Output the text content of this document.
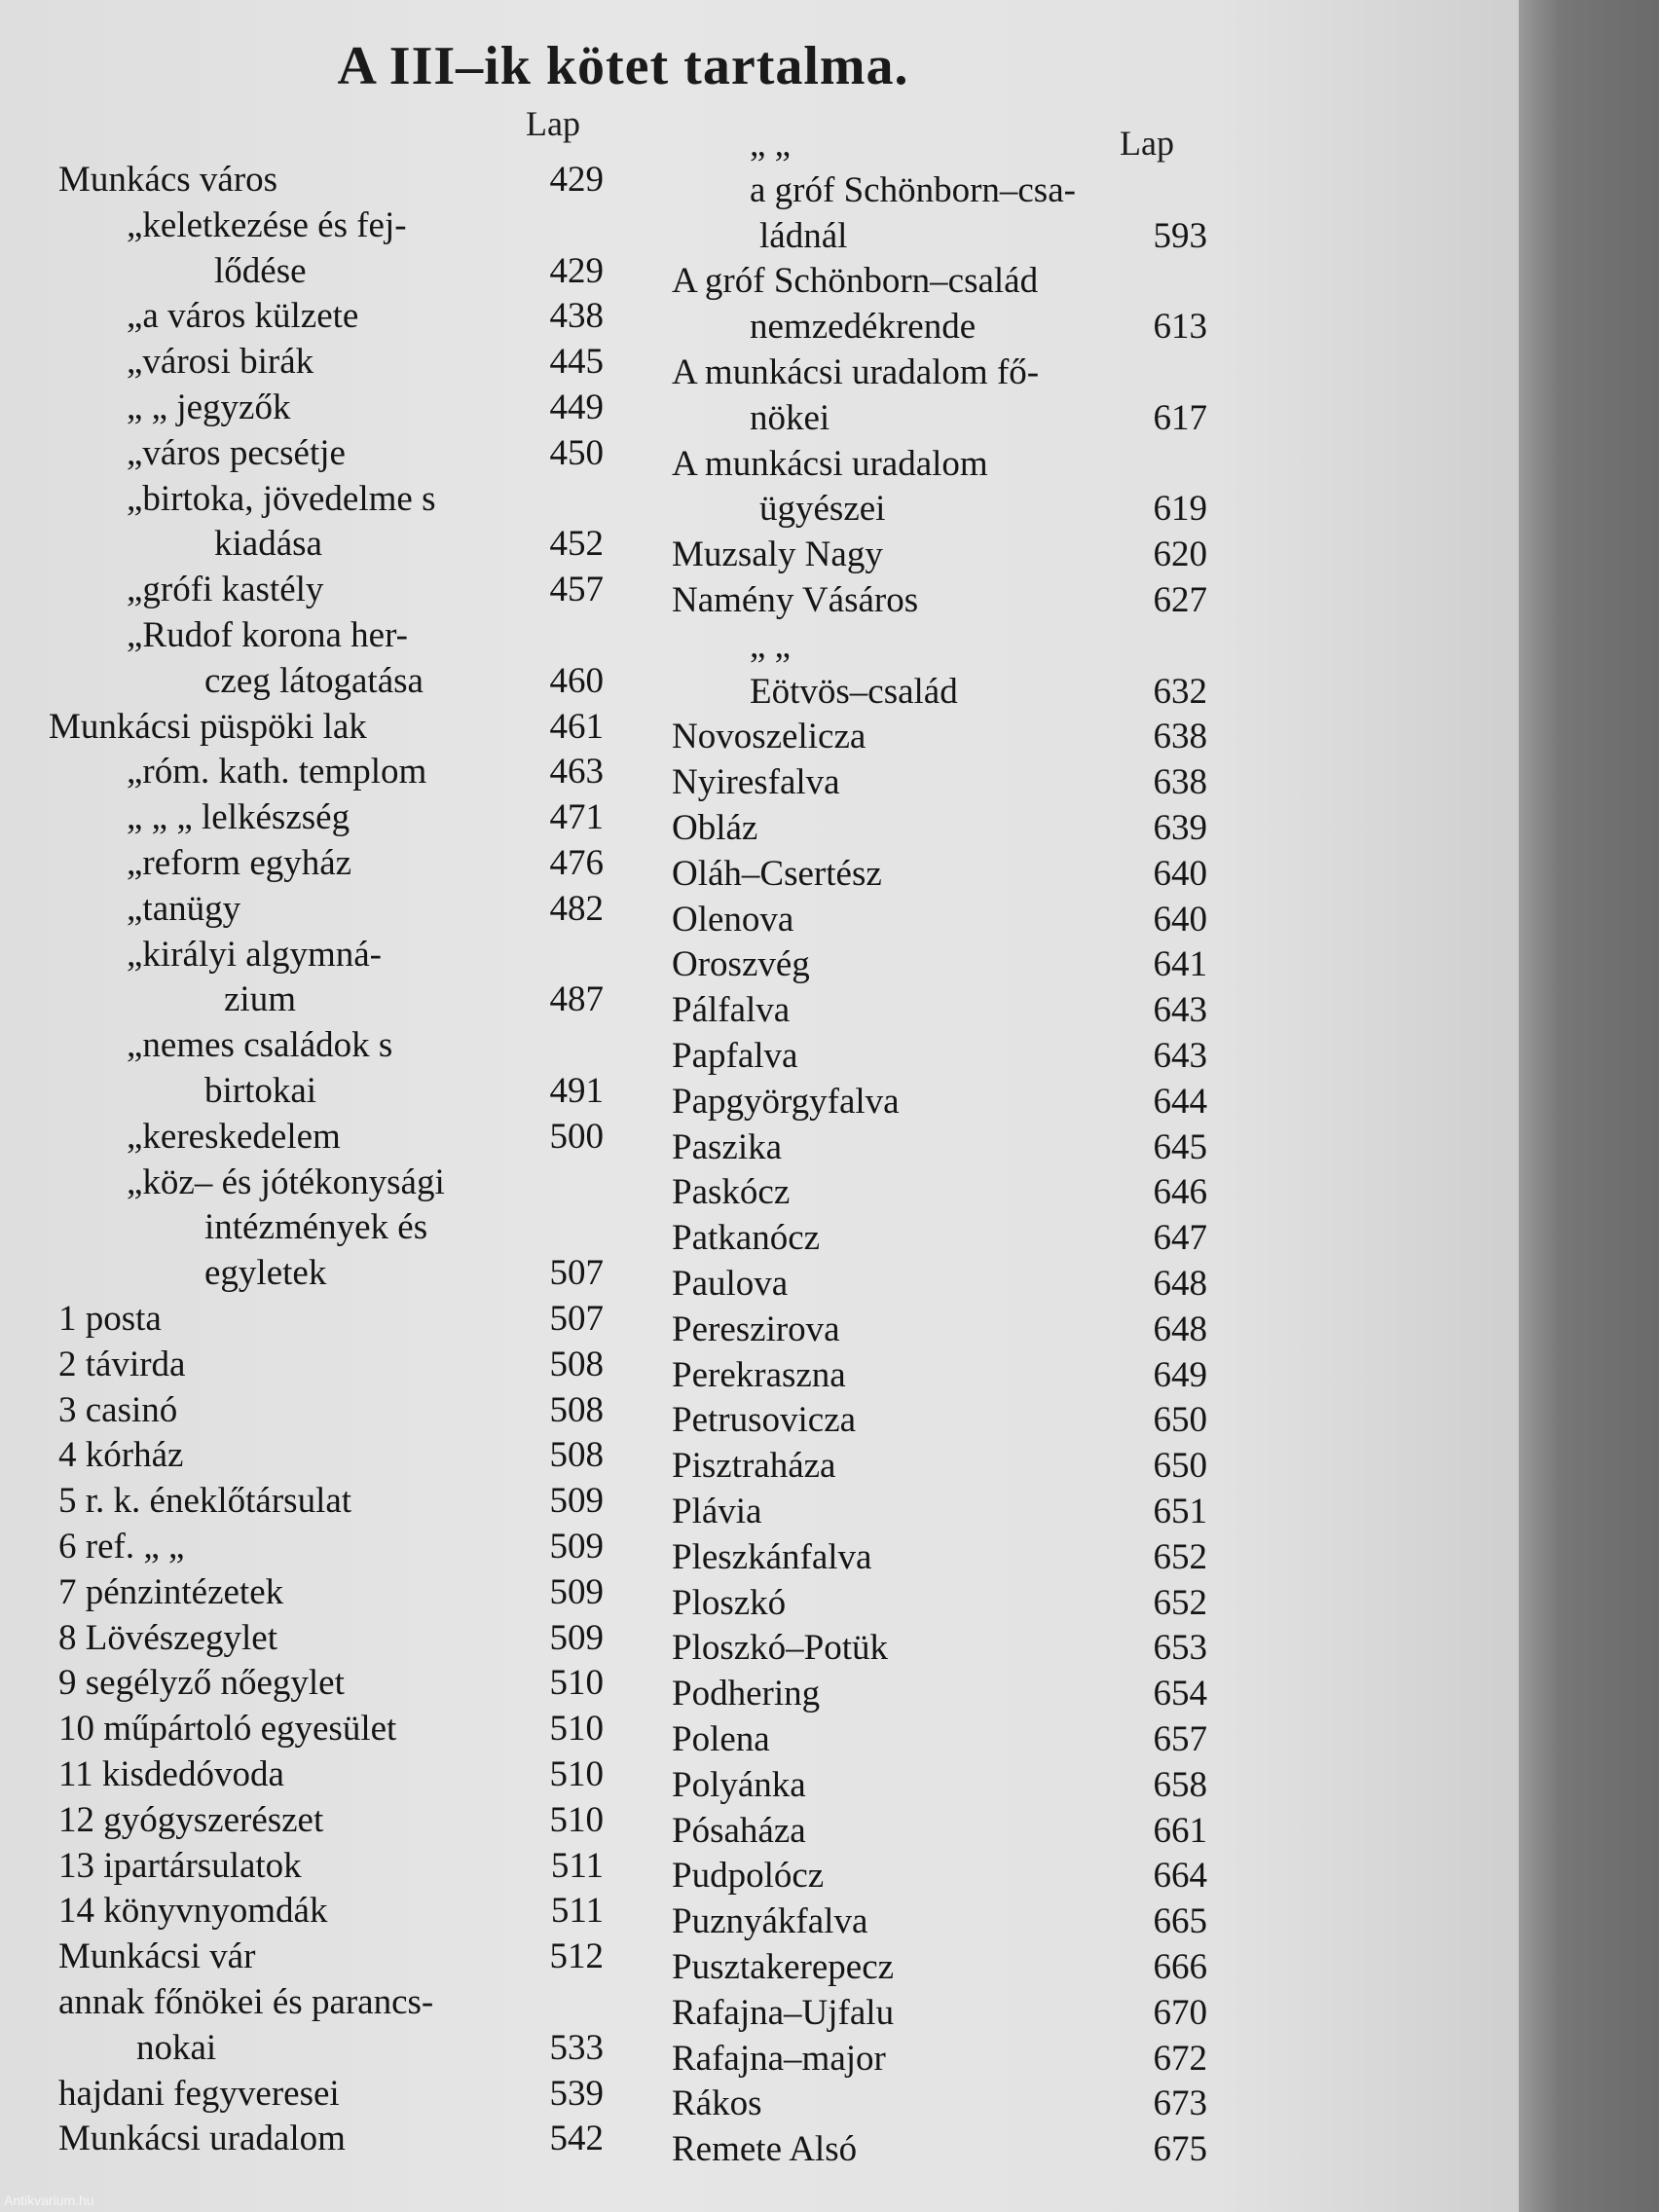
A III–ik kötet tartalma.
Lap
Munkács város	429
„keletkezése és fej-
lődése	429
„a város külzete	438
„városi birák	445
„ „ jegyzők	449
„város pecsétje	450
„birtoka, jövedelme s
kiadása	452
„grófi kastély	457
„Rudof korona her-
czeg látogatása	460
Munkácsi püspöki lak	461
„róm. kath. templom	463
„ „ „ lelkészség	471
„reform egyház	476
„tanügy	482
„királyi algymná-
zium	487
„nemes családok s
birtokai	491
„kereskedelem	500
„köz– és jótékonysági
intézmények és
egyletek	507
1 posta	507
2 távirda	508
3 casinó	508
4 kórház	508
5 r. k. éneklőtársulat	509
6 ref. „ „	509
7 pénzintézetek	509
8 Lövészegylet	509
9 segélyző nőegylet	510
10 műpártoló egyesület	510
11 kisdedóvoda	510
12 gyógyszerészet	510
13 ipartársulatok	511
14 könyvnyomdák	511
Munkácsi vár	512
annak főnökei és parancs-
nokai	533
hajdani fegyveresei	539
Munkácsi uradalom	542
Lap
„ „
a gróf Schönborn–csa-
ládnál	593
A gróf Schönborn–család
nemzedékrende	613
A munkácsi uradalom fő-
nökei	617
A munkácsi uradalom
ügyészei	619
Muzsaly Nagy	620
Namény Vásáros	627
„ „
Eötvös–család	632
Novoszelicza	638
Nyiresfalva	638
Obláz	639
Oláh–Csertész	640
Olenova	640
Oroszvég	641
Pálfalva	643
Papfalva	643
Papgyörgyfalva	644
Paszika	645
Paskócz	646
Patkanócz	647
Paulova	648
Pereszirova	648
Perekraszna	649
Petrusovicza	650
Pisztraháza	650
Plávia	651
Pleszkánfalva	652
Ploszkó	652
Ploszkó–Potük	653
Podhering	654
Polena	657
Polyánka	658
Pósaháza	661
Pudpolócz	664
Puznyákfalva	665
Pusztakerepecz	666
Rafajna–Ujfalu	670
Rafajna–major	672
Rákos	673
Remete Alsó	675
Antikvarium.hu
